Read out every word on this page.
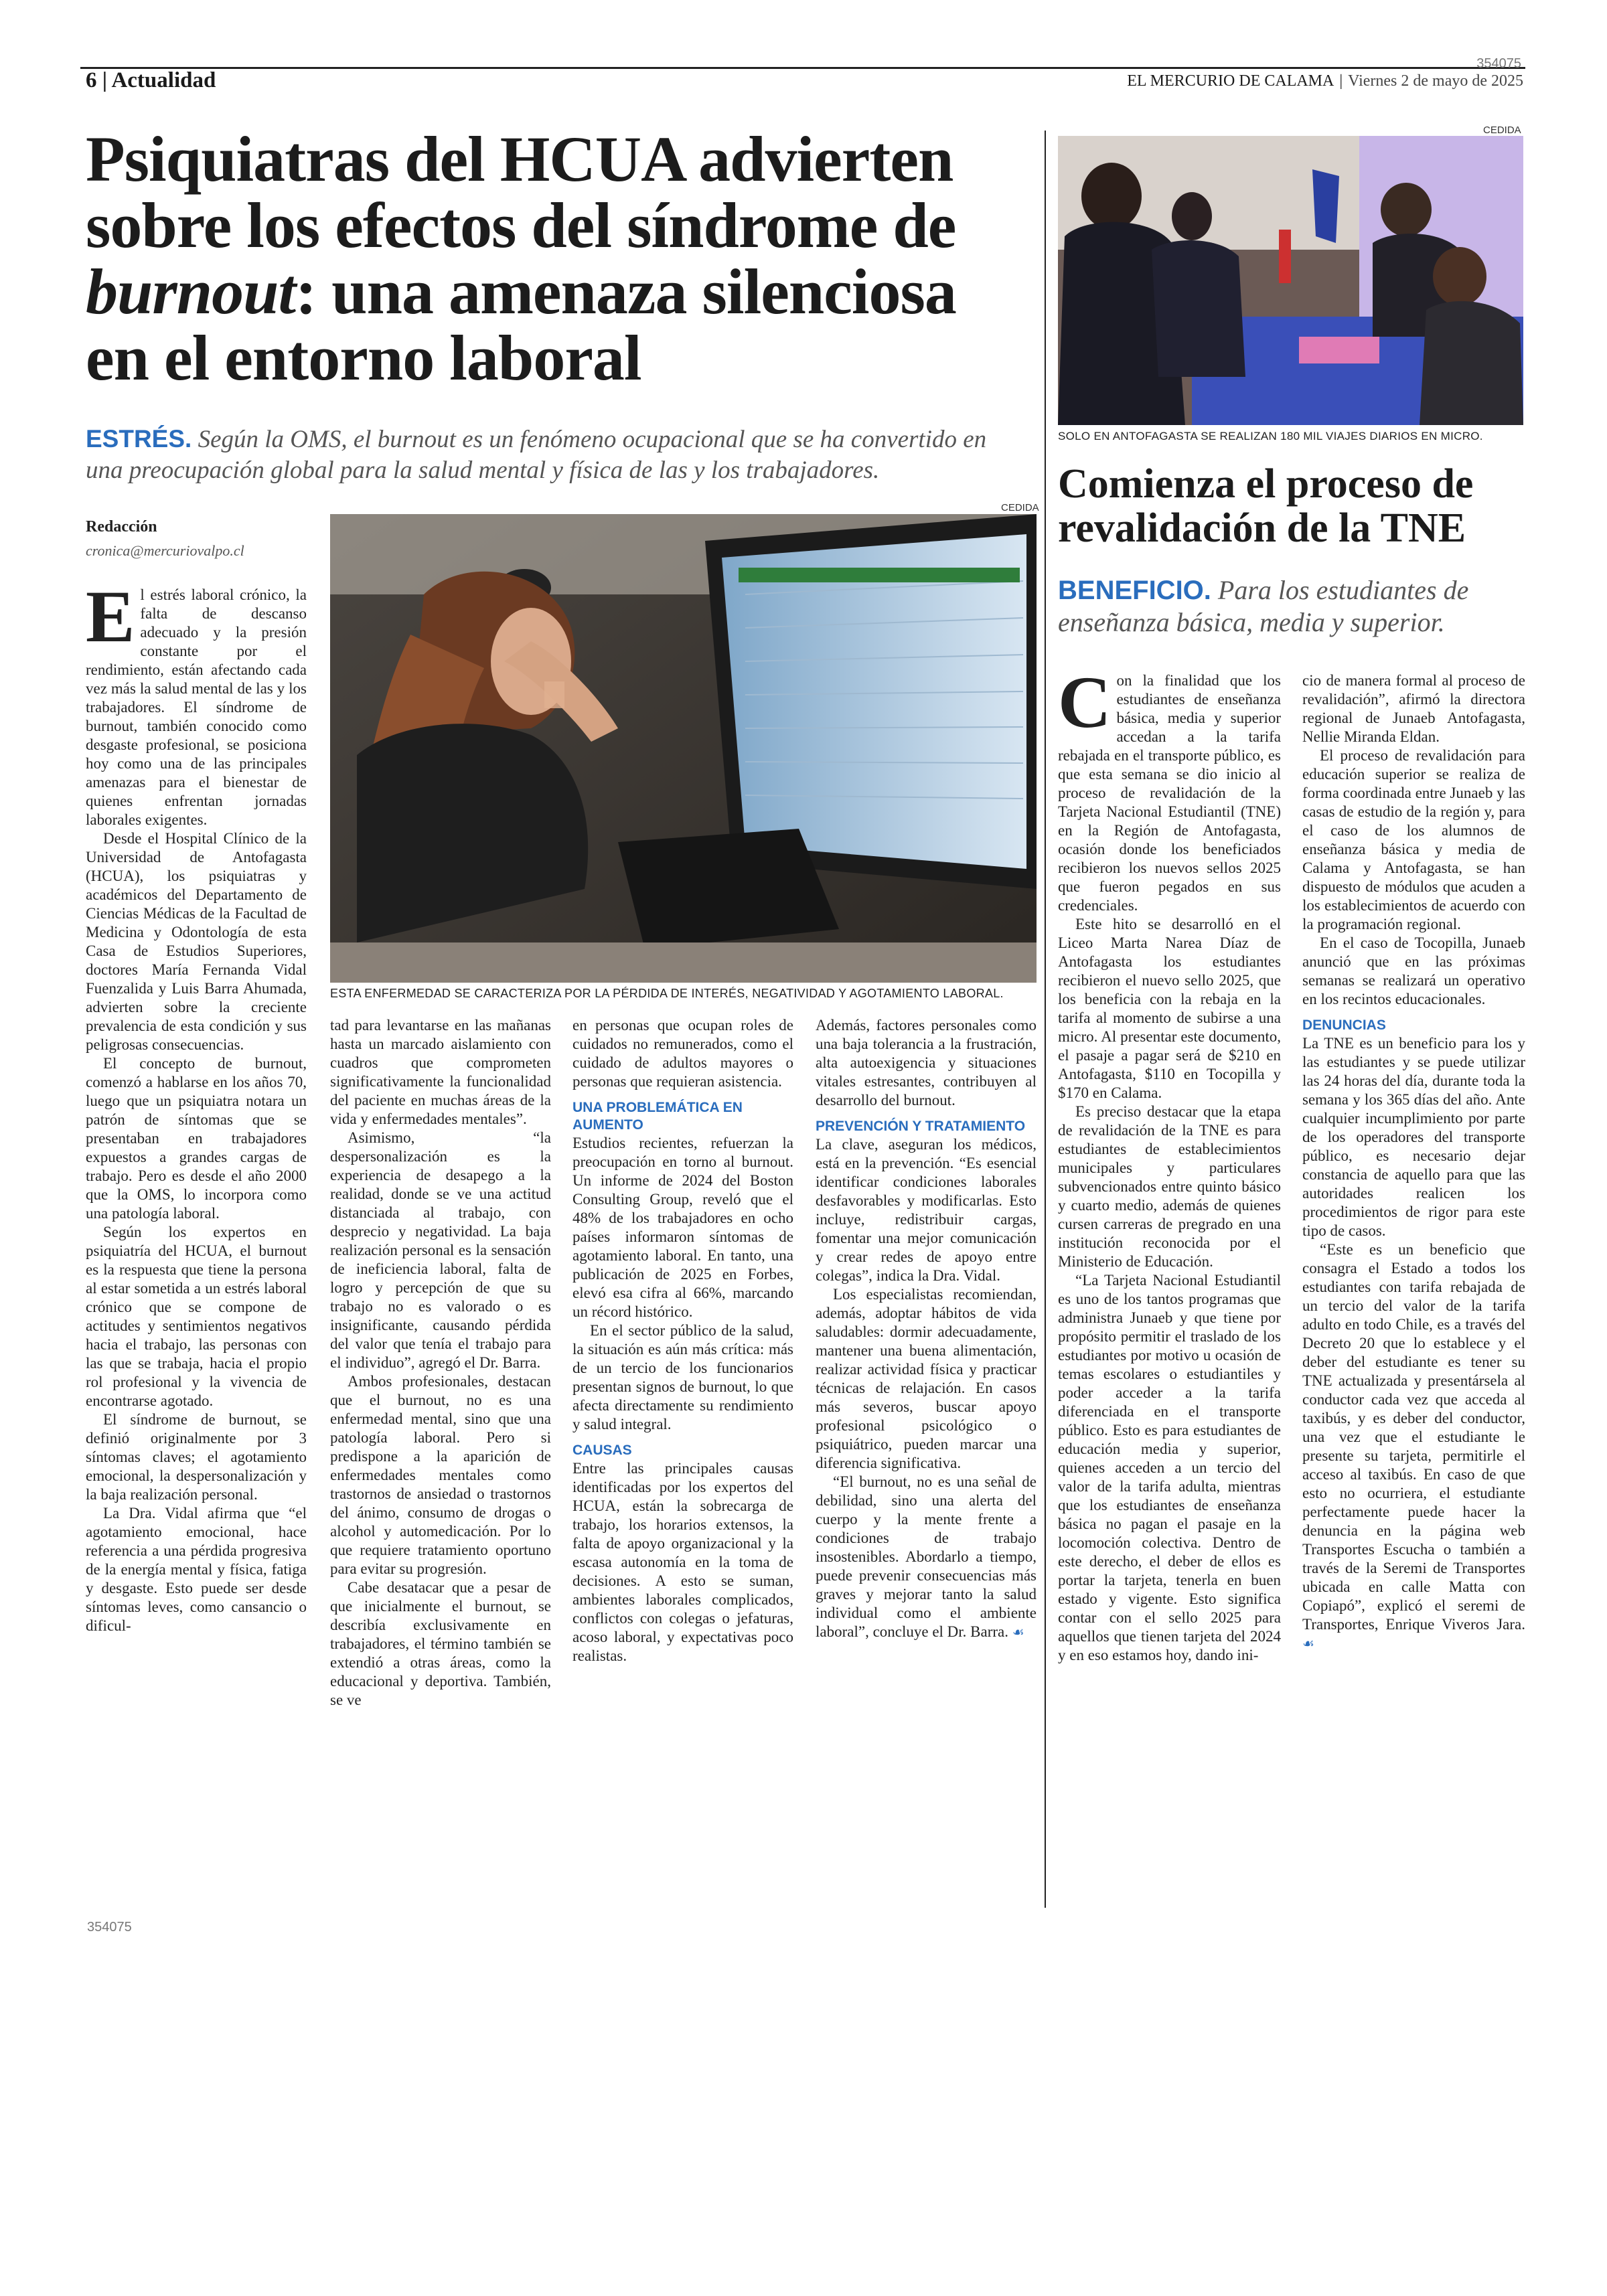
6 | Actualidad
354075
EL MERCURIO DE CALAMA | Viernes 2 de mayo de 2025
Psiquiatras del HCUA advierten sobre los efectos del síndrome de burnout: una amenaza silenciosa en el entorno laboral
ESTRÉS. Según la OMS, el burnout es un fenómeno ocupacional que se ha convertido en una preocupación global para la salud mental y física de las y los trabajadores.
Redacción
cronica@mercuriovalpo.cl
CEDIDA
ESTA ENFERMEDAD SE CARACTERIZA POR LA PÉRDIDA DE INTERÉS, NEGATIVIDAD Y AGOTAMIENTO LABORAL.

El estrés laboral crónico, la falta de descanso adecuado y la presión constante por el rendimiento, están afectando cada vez más la salud mental de las y los trabajadores. El síndrome de burnout, también conocido como desgaste profesional, se posiciona hoy como una de las principales amenazas para el bienestar de quienes enfrentan jornadas laborales exigentes.

Desde el Hospital Clínico de la Universidad de Antofagasta (HCUA), los psiquiatras y académicos del Departamento de Ciencias Médicas de la Facultad de Medicina y Odontología de esta Casa de Estudios Superiores, doctores María Fernanda Vidal Fuenzalida y Luis Barra Ahumada, advierten sobre la creciente prevalencia de esta condición y sus peligrosas consecuencias.

El concepto de burnout, comenzó a hablarse en los años 70, luego que un psiquiatra notara un patrón de síntomas que se presentaban en trabajadores expuestos a grandes cargas de trabajo. Pero es desde el año 2000 que la OMS, lo incorpora como una patología laboral.

Según los expertos en psiquiatría del HCUA, el burnout es la respuesta que tiene la persona al estar sometida a un estrés laboral crónico que se compone de actitudes y sentimientos negativos hacia el trabajo, las personas con las que se trabaja, hacia el propio rol profesional y la vivencia de encontrarse agotado.

El síndrome de burnout, se definió originalmente por 3 síntomas claves; el agotamiento emocional, la despersonalización y la baja realización personal.

La Dra. Vidal afirma que “el agotamiento emocional, hace referencia a una pérdida progresiva de la energía mental y física, fatiga y desgaste. Esto puede ser desde síntomas leves, como cansancio o dificul-

354075

tad para levantarse en las mañanas hasta un marcado aislamiento con cuadros que comprometen significativamente la funcionalidad del paciente en muchas áreas de la vida y enfermedades mentales”.

Asimismo, “la despersonalización es la experiencia de desapego a la realidad, donde se ve una actitud distanciada al trabajo, con desprecio y negatividad. La baja realización personal es la sensación de ineficiencia laboral, falta de logro y percepción de que su trabajo no es valorado o es insignificante, causando pérdida del valor que tenía el trabajo para el individuo”, agregó el Dr. Barra.

Ambos profesionales, destacan que el burnout, no es una enfermedad mental, sino que una patología laboral. Pero si predispone a la aparición de enfermedades mentales como trastornos de ansiedad o trastornos del ánimo, consumo de drogas o alcohol y automedicación. Por lo que requiere tratamiento oportuno para evitar su progresión.

Cabe desatacar que a pesar de que inicialmente el burnout, se describía exclusivamente en trabajadores, el término también se extendió a otras áreas, como la educacional y deportiva. También, se ve

en personas que ocupan roles de cuidados no remunerados, como el cuidado de adultos mayores o personas que requieran asistencia.

UNA PROBLEMÁTICA EN AUMENTO

Estudios recientes, refuerzan la preocupación en torno al burnout. Un informe de 2024 del Boston Consulting Group, reveló que el 48% de los trabajadores en ocho países informaron síntomas de agotamiento laboral. En tanto, una publicación de 2025 en Forbes, elevó esa cifra al 66%, marcando un récord histórico.

En el sector público de la salud, la situación es aún más crítica: más de un tercio de los funcionarios presentan signos de burnout, lo que afecta directamente su rendimiento y salud integral.

CAUSAS

Entre las principales causas identificadas por los expertos del HCUA, están la sobrecarga de trabajo, los horarios extensos, la falta de apoyo organizacional y la escasa autonomía en la toma de decisiones. A esto se suman, ambientes laborales complicados, conflictos con colegas o jefaturas, acoso laboral, y expectativas poco realistas.

Además, factores personales como una baja tolerancia a la frustración, alta autoexigencia y situaciones vitales estresantes, contribuyen al desarrollo del burnout.

PREVENCIÓN Y TRATAMIENTO

La clave, aseguran los médicos, está en la prevención. “Es esencial identificar condiciones laborales desfavorables y modificarlas. Esto incluye, redistribuir cargas, fomentar una mejor comunicación y crear redes de apoyo entre colegas”, indica la Dra. Vidal.

Los especialistas recomiendan, además, adoptar hábitos de vida saludables: dormir adecuadamente, mantener una buena alimentación, realizar actividad física y practicar técnicas de relajación. En casos más severos, buscar apoyo profesional psicológico o psiquiátrico, pueden marcar una diferencia significativa.

“El burnout, no es una señal de debilidad, sino una alerta del cuerpo y la mente frente a condiciones de trabajo insostenibles. Abordarlo a tiempo, puede prevenir consecuencias más graves y mejorar tanto la salud individual como el ambiente laboral”, concluye el Dr. Barra. ☙

CEDIDA
SOLO EN ANTOFAGASTA SE REALIZAN 180 MIL VIAJES DIARIOS EN MICRO.
Comienza el proceso de revalidación de la TNE
BENEFICIO. Para los estudiantes de enseñanza básica, media y superior.

Con la finalidad que los estudiantes de enseñanza básica, media y superior accedan a la tarifa rebajada en el transporte público, es que esta semana se dio inicio al proceso de revalidación de la Tarjeta Nacional Estudiantil (TNE) en la Región de Antofagasta, ocasión donde los beneficiados recibieron los nuevos sellos 2025 que fueron pegados en sus credenciales.

Este hito se desarrolló en el Liceo Marta Narea Díaz de Antofagasta los estudiantes recibieron el nuevo sello 2025, que los beneficia con la rebaja en la tarifa al momento de subirse a una micro. Al presentar este documento, el pasaje a pagar será de $210 en Antofagasta, $110 en Tocopilla y $170 en Calama.

Es preciso destacar que la etapa de revalidación de la TNE es para estudiantes de establecimientos municipales y particulares subvencionados entre quinto básico y cuarto medio, además de quienes cursen carreras de pregrado en una institución reconocida por el Ministerio de Educación.

“La Tarjeta Nacional Estudiantil es uno de los tantos programas que administra Junaeb y que tiene por propósito permitir el traslado de los estudiantes por motivo u ocasión de temas escolares o estudiantiles y poder acceder a la tarifa diferenciada en el transporte público. Esto es para estudiantes de educación media y superior, quienes acceden a un tercio del valor de la tarifa adulta, mientras que los estudiantes de enseñanza básica no pagan el pasaje en la locomoción colectiva. Dentro de este derecho, el deber de ellos es portar la tarjeta, tenerla en buen estado y vigente. Esto significa contar con el sello 2025 para aquellos que tienen tarjeta del 2024 y en eso estamos hoy, dando ini-

cio de manera formal al proceso de revalidación”, afirmó la directora regional de Junaeb Antofagasta, Nellie Miranda Eldan.

El proceso de revalidación para educación superior se realiza de forma coordinada entre Junaeb y las casas de estudio de la región y, para el caso de los alumnos de enseñanza básica y media de Calama y Antofagasta, se han dispuesto de módulos que acuden a los establecimientos de acuerdo con la programación regional.

En el caso de Tocopilla, Junaeb anunció que en las próximas semanas se realizará un operativo en los recintos educacionales.

DENUNCIAS

La TNE es un beneficio para los y las estudiantes y se puede utilizar las 24 horas del día, durante toda la semana y los 365 días del año. Ante cualquier incumplimiento por parte de los operadores del transporte público, es necesario dejar constancia de aquello para que las autoridades realicen los procedimientos de rigor para este tipo de casos.

“Este es un beneficio que consagra el Estado a todos los estudiantes con tarifa rebajada de un tercio del valor de la tarifa adulto en todo Chile, es a través del Decreto 20 que lo establece y el deber del estudiante es tener su TNE actualizada y presentársela al conductor cada vez que acceda al taxibús, y es deber del conductor, una vez que el estudiante le presente su tarjeta, permitirle el acceso al taxibús. En caso de que esto no ocurriera, el estudiante perfectamente puede hacer la denuncia en la página web Transportes Escucha o también a través de la Seremi de Transportes ubicada en calle Matta con Copiapó”, explicó el seremi de Transportes, Enrique Viveros Jara. ☙
